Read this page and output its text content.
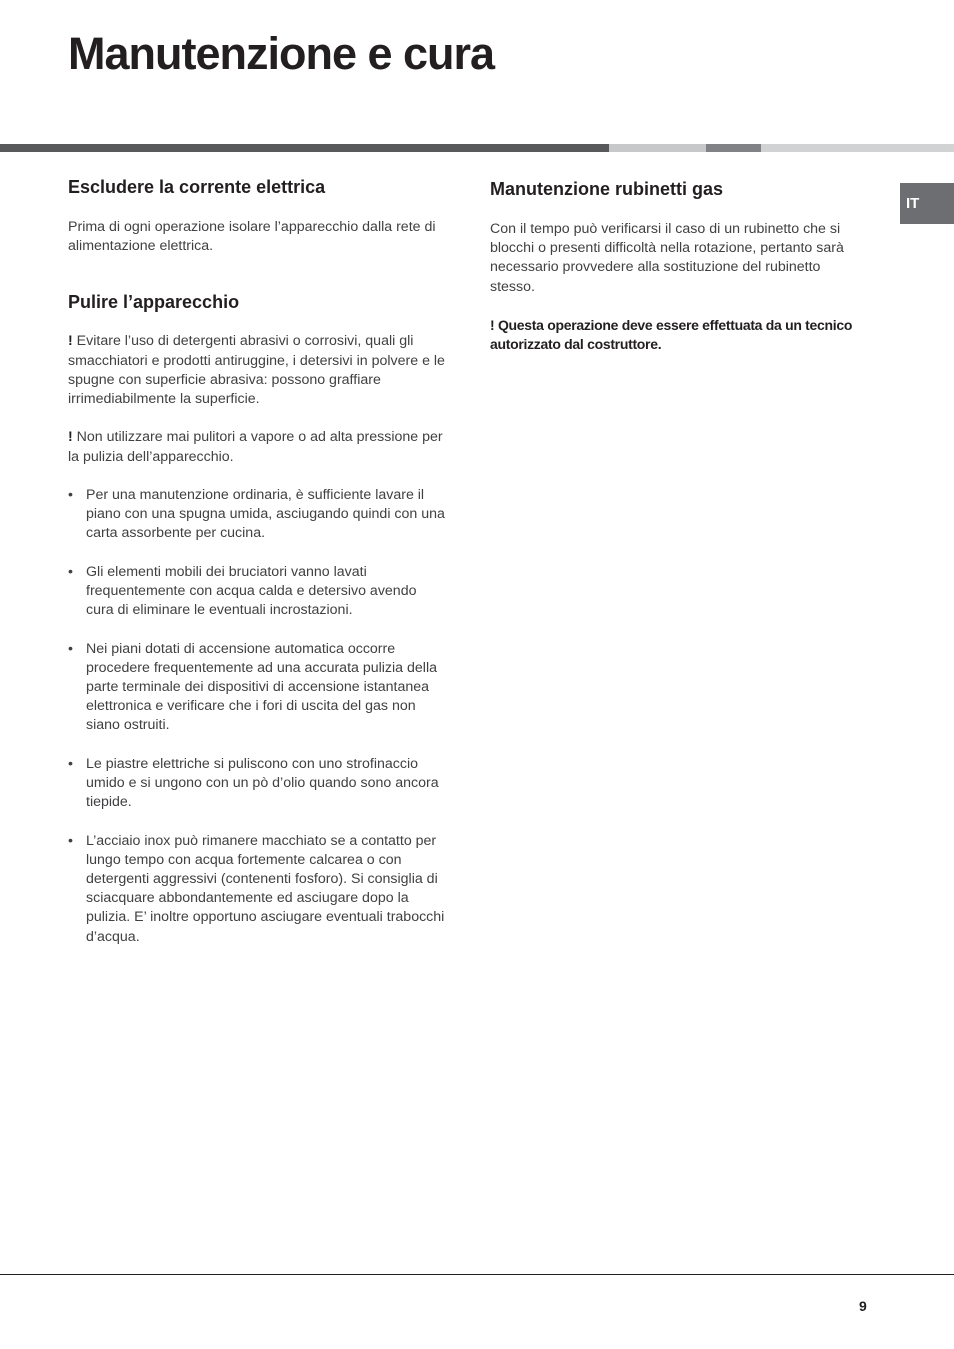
Manutenzione e cura
IT
Escludere la corrente elettrica

Prima di ogni operazione isolare l’apparecchio dalla rete di alimentazione elettrica.

Pulire l’apparecchio

! Evitare l’uso di detergenti abrasivi o corrosivi, quali gli smacchiatori e prodotti antiruggine, i detersivi in polvere e le spugne con superficie abrasiva: possono graffiare irrimediabilmente la superficie.

! Non utilizzare mai pulitori a vapore o ad alta pressione per la pulizia dell’apparecchio.

• Per una manutenzione ordinaria, è sufficiente lavare il piano con una spugna umida, asciugando quindi con una carta assorbente per cucina.
• Gli elementi mobili dei bruciatori vanno lavati frequentemente con acqua calda e detersivo avendo cura di eliminare le eventuali incrostazioni.
• Nei piani dotati di accensione automatica occorre procedere frequentemente ad una accurata pulizia della parte terminale dei dispositivi di accensione istantanea elettronica e verificare che i fori di uscita del gas non siano ostruiti.
• Le piastre elettriche si puliscono con uno strofinaccio umido e si ungono con un pò d’olio quando sono ancora tiepide.
• L’acciaio inox può rimanere macchiato se a contatto per lungo tempo con acqua fortemente calcarea o con detergenti aggressivi (contenenti fosforo). Si consiglia di sciacquare abbondantemente ed asciugare dopo la pulizia. E’ inoltre opportuno asciugare eventuali trabocchi d’acqua.
Manutenzione rubinetti gas

Con il tempo può verificarsi il caso di un rubinetto che si blocchi o presenti difficoltà nella rotazione, pertanto sarà necessario provvedere alla sostituzione del rubinetto stesso.

! Questa operazione deve essere effettuata da un tecnico autorizzato dal costruttore.

9
